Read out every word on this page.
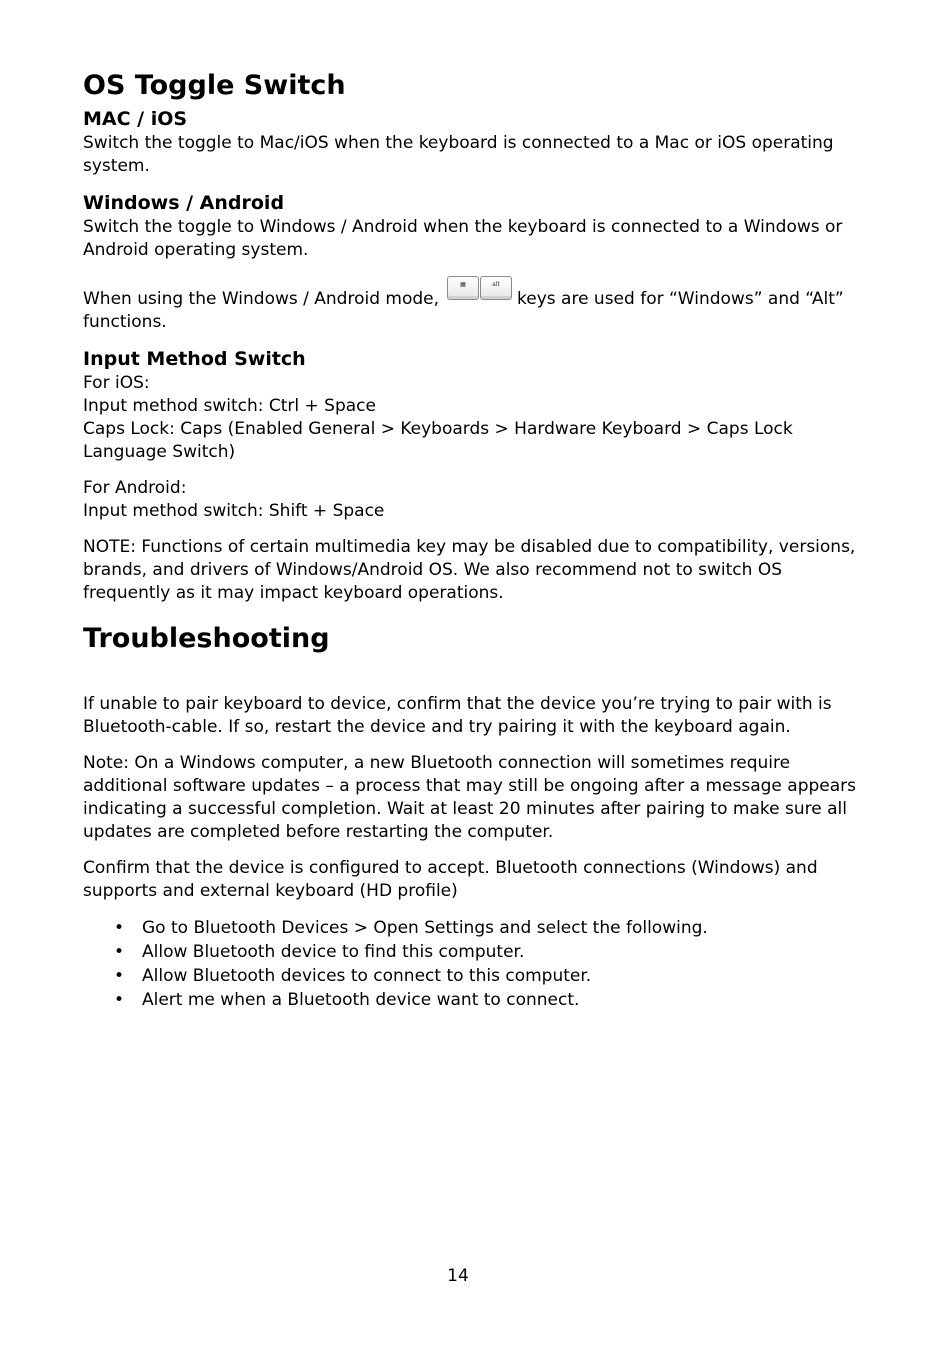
OS Toggle Switch
MAC / iOS
Switch the toggle to Mac/iOS when the keyboard is connected to a Mac or iOS operating
system.
Windows / Android
Switch the toggle to Windows / Android when the keyboard is connected to a Windows or
Android operating system.
When using the Windows / Android mode,
▦	alt
keys are used for “Windows” and “Alt”
functions.
Input Method Switch
For iOS:
Input method switch: Ctrl + Space
Caps Lock: Caps (Enabled General > Keyboards > Hardware Keyboard > Caps Lock
Language Switch)
For Android:
Input method switch: Shift + Space
NOTE: Functions of certain multimedia key may be disabled due to compatibility, versions,
brands, and drivers of Windows/Android OS. We also recommend not to switch OS
frequently as it may impact keyboard operations.
Troubleshooting
If unable to pair keyboard to device, confirm that the device you’re trying to pair with is
Bluetooth-cable. If so, restart the device and try pairing it with the keyboard again.
Note: On a Windows computer, a new Bluetooth connection will sometimes require
additional software updates – a process that may still be ongoing after a message appears
indicating a successful completion. Wait at least 20 minutes after pairing to make sure all
updates are completed before restarting the computer.
Confirm that the device is configured to accept. Bluetooth connections (Windows) and
supports and external keyboard (HD profile)
• Go to Bluetooth Devices > Open Settings and select the following.
• Allow Bluetooth device to find this computer.
• Allow Bluetooth devices to connect to this computer.
• Alert me when a Bluetooth device want to connect.
14
